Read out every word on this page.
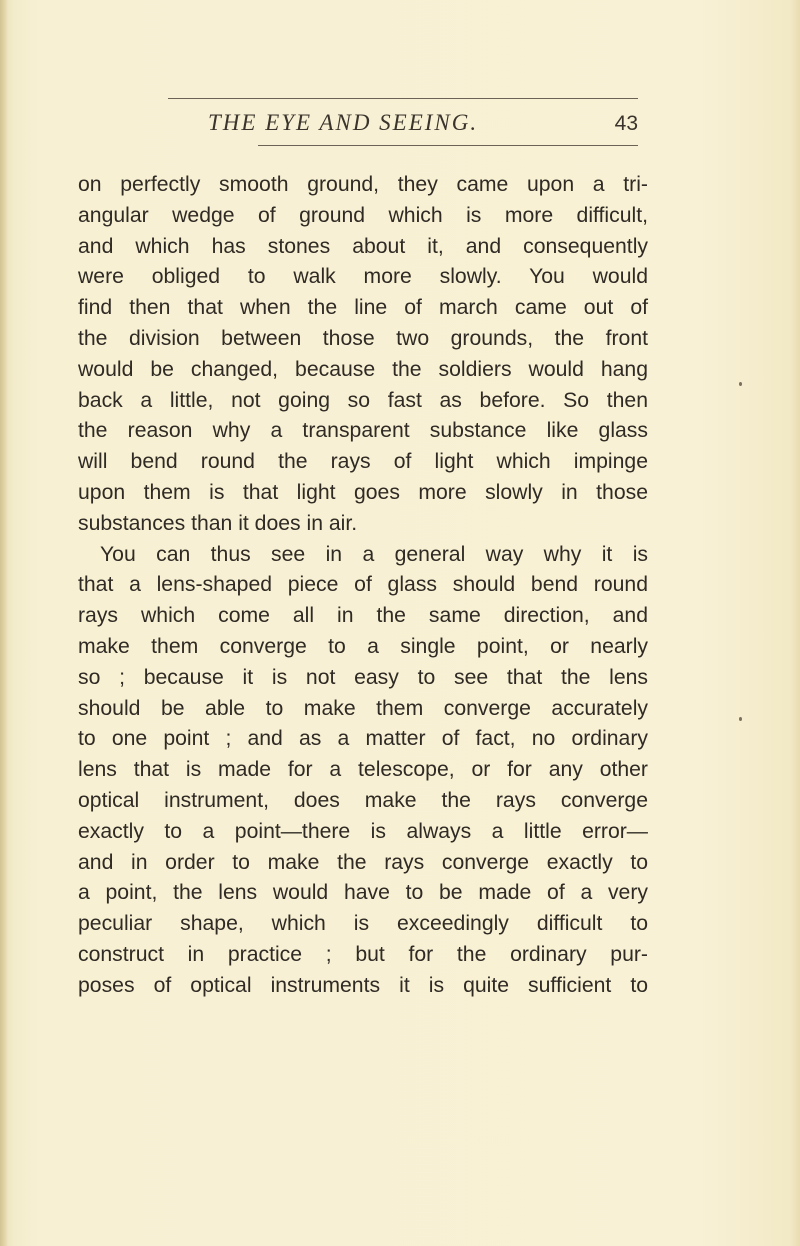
THE EYE AND SEEING.	43
on perfectly smooth ground, they came upon a tri-
angular wedge of ground which is more difficult,
and which has stones about it, and consequently
were obliged to walk more slowly. You would
find then that when the line of march came out of
the division between those two grounds, the front
would be changed, because the soldiers would hang
back a little, not going so fast as before. So then
the reason why a transparent substance like glass
will bend round the rays of light which impinge
upon them is that light goes more slowly in those
substances than it does in air.
You can thus see in a general way why it is
that a lens-shaped piece of glass should bend round
rays which come all in the same direction, and
make them converge to a single point, or nearly
so ; because it is not easy to see that the lens
should be able to make them converge accurately
to one point ; and as a matter of fact, no ordinary
lens that is made for a telescope, or for any other
optical instrument, does make the rays converge
exactly to a point—there is always a little error—
and in order to make the rays converge exactly to
a point, the lens would have to be made of a very
peculiar shape, which is exceedingly difficult to
construct in practice ; but for the ordinary pur-
poses of optical instruments it is quite sufficient to
